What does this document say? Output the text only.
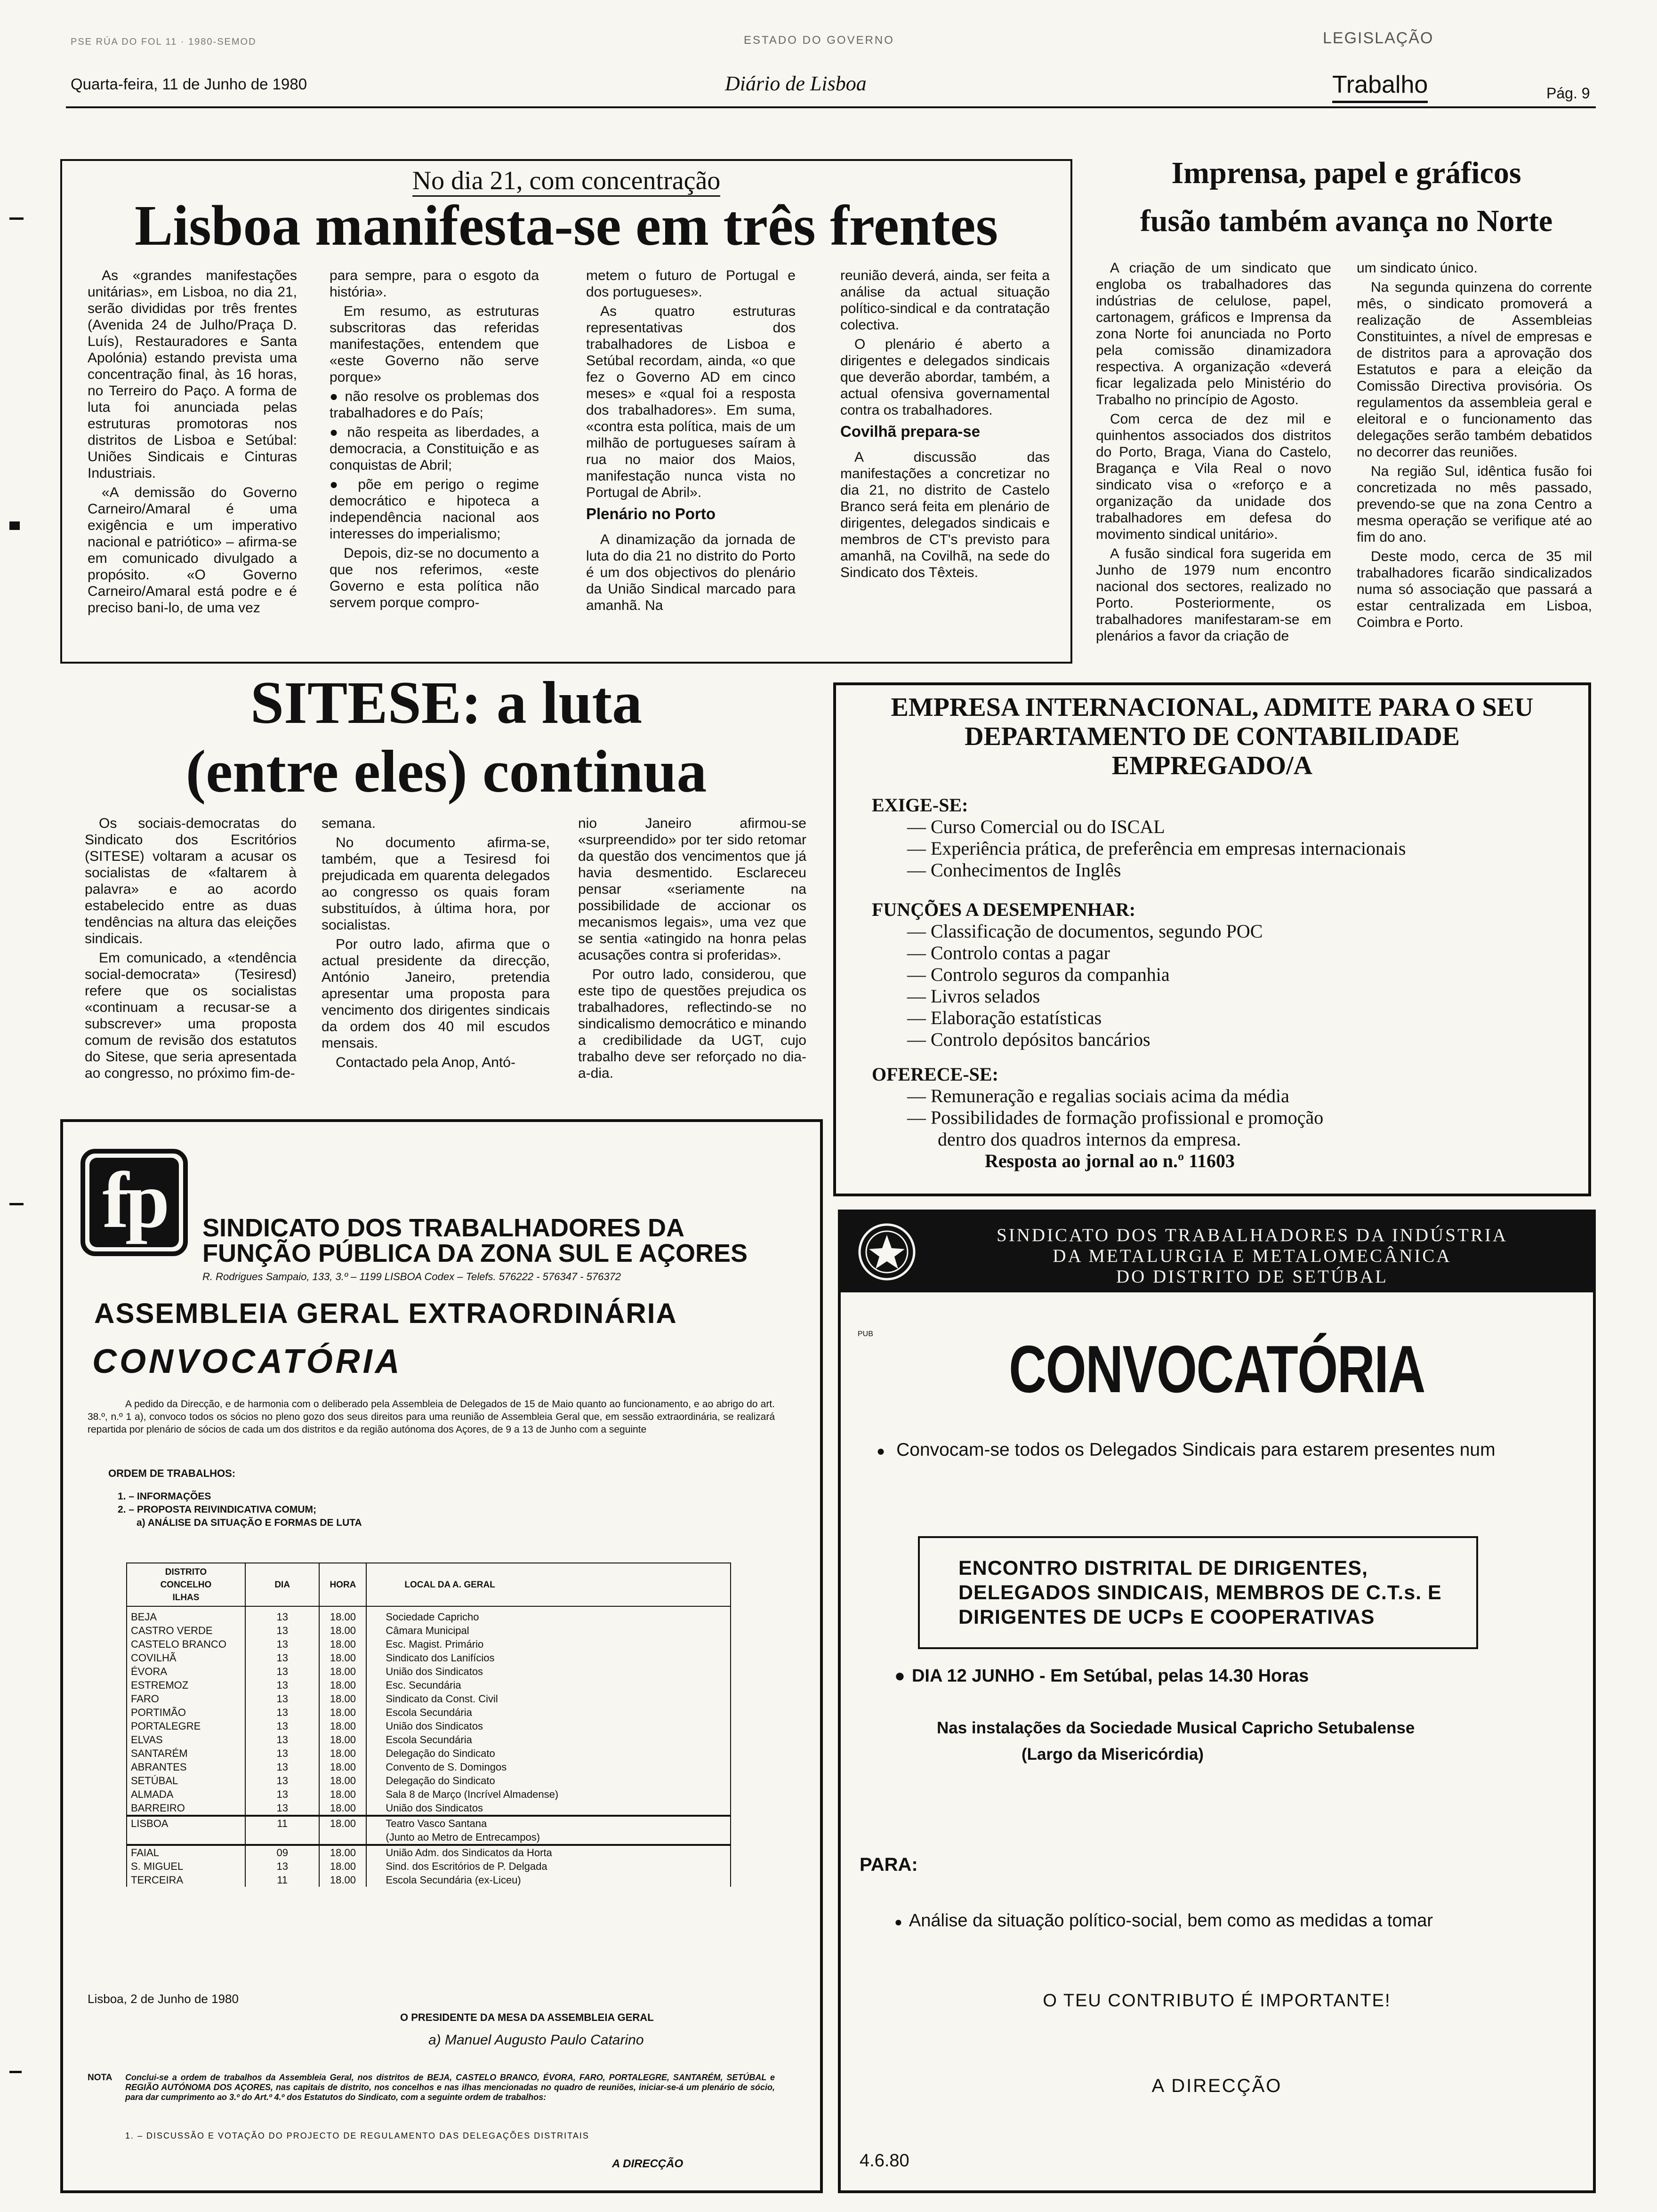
PSE RÚA DO FOL 11 · 1980-SEMOD	ESTADO DO GOVERNO	LEGISLAÇÃO
Quarta-feira, 11 de Junho de 1980	Diário de Lisboa	Trabalho	Pág. 9
No dia 21, com concentração
Lisboa manifesta-se em três frentes

As «grandes manifestações unitárias», em Lisboa, no dia 21, serão divididas por três frentes (Avenida 24 de Julho/Praça D. Luís), Restauradores e Santa Apolónia) estando prevista uma concentração final, às 16 horas, no Terreiro do Paço. A forma de luta foi anunciada pelas estruturas promotoras nos distritos de Lisboa e Setúbal: Uniões Sindicais e Cinturas Industriais.

«A demissão do Governo Carneiro/Amaral é uma exigência e um imperativo nacional e patriótico» – afirma-se em comunicado divulgado a propósito. «O Governo Carneiro/Amaral está podre e é preciso bani-lo, de uma vez

para sempre, para o esgoto da história».

Em resumo, as estruturas subscritoras das referidas manifestações, entendem que «este Governo não serve porque»

● não resolve os problemas dos trabalhadores e do País;

● não respeita as liberdades, a democracia, a Constituição e as conquistas de Abril;

● põe em perigo o regime democrático e hipoteca a independência nacional aos interesses do imperialismo;

Depois, diz-se no documento a que nos referimos, «este Governo e esta política não servem porque compro-

metem o futuro de Portugal e dos portugueses».

As quatro estruturas representativas dos trabalhadores de Lisboa e Setúbal recordam, ainda, «o que fez o Governo AD em cinco meses» e «qual foi a resposta dos trabalhadores». Em suma, «contra esta política, mais de um milhão de portugueses saíram à rua no maior dos Maios, manifestação nunca vista no Portugal de Abril».

Plenário no Porto

A dinamização da jornada de luta do dia 21 no distrito do Porto é um dos objectivos do plenário da União Sindical marcado para amanhã. Na

reunião deverá, ainda, ser feita a análise da actual situação político-sindical e da contratação colectiva.

O plenário é aberto a dirigentes e delegados sindicais que deverão abordar, também, a actual ofensiva governamental contra os trabalhadores.

Covilhã prepara-se

A discussão das manifestações a concretizar no dia 21, no distrito de Castelo Branco será feita em plenário de dirigentes, delegados sindicais e membros de CT's previsto para amanhã, na Covilhã, na sede do Sindicato dos Têxteis.

Imprensa, papel e gráficos
fusão também avança no Norte

A criação de um sindicato que engloba os trabalhadores das indústrias de celulose, papel, cartonagem, gráficos e Imprensa da zona Norte foi anunciada no Porto pela comissão dinamizadora respectiva. A organização «deverá ficar legalizada pelo Ministério do Trabalho no princípio de Agosto.

Com cerca de dez mil e quinhentos associados dos distritos do Porto, Braga, Viana do Castelo, Bragança e Vila Real o novo sindicato visa o «reforço e a organização da unidade dos trabalhadores em defesa do movimento sindical unitário».

A fusão sindical fora sugerida em Junho de 1979 num encontro nacional dos sectores, realizado no Porto. Posteriormente, os trabalhadores manifestaram-se em plenários a favor da criação de

um sindicato único.

Na segunda quinzena do corrente mês, o sindicato promoverá a realização de Assembleias Constituintes, a nível de empresas e de distritos para a aprovação dos Estatutos e para a eleição da Comissão Directiva provisória. Os regulamentos da assembleia geral e eleitoral e o funcionamento das delegações serão também debatidos no decorrer das reuniões.

Na região Sul, idêntica fusão foi concretizada no mês passado, prevendo-se que na zona Centro a mesma operação se verifique até ao fim do ano.

Deste modo, cerca de 35 mil trabalhadores ficarão sindicalizados numa só associação que passará a estar centralizada em Lisboa, Coimbra e Porto.

SITESE: a luta
(entre eles) continua

Os sociais-democratas do Sindicato dos Escritórios (SITESE) voltaram a acusar os socialistas de «faltarem à palavra» e ao acordo estabelecido entre as duas tendências na altura das eleições sindicais.

Em comunicado, a «tendência social-democrata» (Tesiresd) refere que os socialistas «continuam a recusar-se a subscrever» uma proposta comum de revisão dos estatutos do Sitese, que seria apresentada ao congresso, no próximo fim-de-

semana.

No documento afirma-se, também, que a Tesiresd foi prejudicada em quarenta delegados ao congresso os quais foram substituídos, à última hora, por socialistas.

Por outro lado, afirma que o actual presidente da direcção, António Janeiro, pretendia apresentar uma proposta para vencimento dos dirigentes sindicais da ordem dos 40 mil escudos mensais.

Contactado pela Anop, Antó-

nio Janeiro afirmou-se «surpreendido» por ter sido retomar da questão dos vencimentos que já havia desmentido. Esclareceu pensar «seriamente na possibilidade de accionar os mecanismos legais», uma vez que se sentia «atingido na honra pelas acusações contra si proferidas».

Por outro lado, considerou, que este tipo de questões prejudica os trabalhadores, reflectindo-se no sindicalismo democrático e minando a credibilidade da UGT, cujo trabalho deve ser reforçado no dia-a-dia.

EMPRESA INTERNACIONAL, ADMITE PARA O SEU DEPARTAMENTO DE CONTABILIDADE EMPREGADO/A
EXIGE-SE:
— Curso Comercial ou do ISCAL
— Experiência prática, de preferência em empresas internacionais
— Conhecimentos de Inglês
FUNÇÕES A DESEMPENHAR:
— Classificação de documentos, segundo POC
— Controlo contas a pagar
— Controlo seguros da companhia
— Livros selados
— Elaboração estatísticas
— Controlo depósitos bancários
OFERECE-SE:
— Remuneração e regalias sociais acima da média
— Possibilidades de formação profissional e promoção
dentro dos quadros internos da empresa.
Resposta ao jornal ao n.º 11603
fp	SINDICATO DOS TRABALHADORES DA
FUNÇÃO PÚBLICA DA ZONA SUL E AÇORES
R. Rodrigues Sampaio, 133, 3.º – 1199 LISBOA Codex – Telefs. 576222 - 576347 - 576372
ASSEMBLEIA GERAL EXTRAORDINÁRIA
CONVOCATÓRIA
A pedido da Direcção, e de harmonia com o deliberado pela Assembleia de Delegados de 15 de Maio quanto ao funcionamento, e ao abrigo do art. 38.º, n.º 1 a), convoco todos os sócios no pleno gozo dos seus direitos para uma reunião de Assembleia Geral que, em sessão extraordinária, se realizará repartida por plenário de sócios de cada um dos distritos e da região autónoma dos Açores, de 9 a 13 de Junho com a seguinte
ORDEM DE TRABALHOS:
1. – INFORMAÇÕES
2. – PROPOSTA REIVINDICATIVA COMUM;
a) ANÁLISE DA SITUAÇÃO E FORMAS DE LUTA
DISTRITO CONCELHO ILHAS	DIA	HORA	LOCAL DA A. GERAL
BEJA	13	18.00	Sociedade Capricho
CASTRO VERDE	13	18.00	Câmara Municipal
CASTELO BRANCO	13	18.00	Esc. Magist. Primário
COVILHÃ	13	18.00	Sindicato dos Lanifícios
ÉVORA	13	18.00	União dos Sindicatos
ESTREMOZ	13	18.00	Esc. Secundária
FARO	13	18.00	Sindicato da Const. Civil
PORTIMÃO	13	18.00	Escola Secundária
PORTALEGRE	13	18.00	União dos Sindicatos
ELVAS	13	18.00	Escola Secundária
SANTARÉM	13	18.00	Delegação do Sindicato
ABRANTES	13	18.00	Convento de S. Domingos
SETÚBAL	13	18.00	Delegação do Sindicato
ALMADA	13	18.00	Sala 8 de Março (Incrível Almadense)
BARREIRO	13	18.00	União dos Sindicatos
LISBOA	11	18.00	Teatro Vasco Santana
			(Junto ao Metro de Entrecampos)
FAIAL	09	18.00	União Adm. dos Sindicatos da Horta
S. MIGUEL	13	18.00	Sind. dos Escritórios de P. Delgada
TERCEIRA	11	18.00	Escola Secundária (ex-Liceu)
Lisboa, 2 de Junho de 1980
O PRESIDENTE DA MESA DA ASSEMBLEIA GERAL
a) Manuel Augusto Paulo Catarino
NOTA Conclui-se a ordem de trabalhos da Assembleia Geral, nos distritos de BEJA, CASTELO BRANCO, ÉVORA, FARO, PORTALEGRE, SANTARÉM, SETÚBAL e REGIÃO AUTÓNOMA DOS AÇORES, nas capitais de distrito, nos concelhos e nas ilhas mencionadas no quadro de reuniões, iniciar-se-á um plenário de sócio, para dar cumprimento ao 3.º do Art.º 4.º dos Estatutos do Sindicato, com a seguinte ordem de trabalhos:
1. – DISCUSSÃO E VOTAÇÃO DO PROJECTO DE REGULAMENTO DAS DELEGAÇÕES DISTRITAIS
A DIRECÇÃO
SINDICATO DOS TRABALHADORES DA INDÚSTRIA
DA METALURGIA E METALOMECÂNICA
DO DISTRITO DE SETÚBAL
PUB	CONVOCATÓRIA
● Convocam-se todos os Delegados Sindicais para estarem presentes num
ENCONTRO DISTRITAL DE DIRIGENTES, DELEGADOS SINDICAIS, MEMBROS DE C.T.s. E DIRIGENTES DE UCPs E COOPERATIVAS
● DIA 12 JUNHO - Em Setúbal, pelas 14.30 Horas
Nas instalações da Sociedade Musical Capricho Setubalense
(Largo da Misericórdia)
PARA:
● Análise da situação político-social, bem como as medidas a tomar
O TEU CONTRIBUTO É IMPORTANTE!
A DIRECÇÃO
4.6.80
